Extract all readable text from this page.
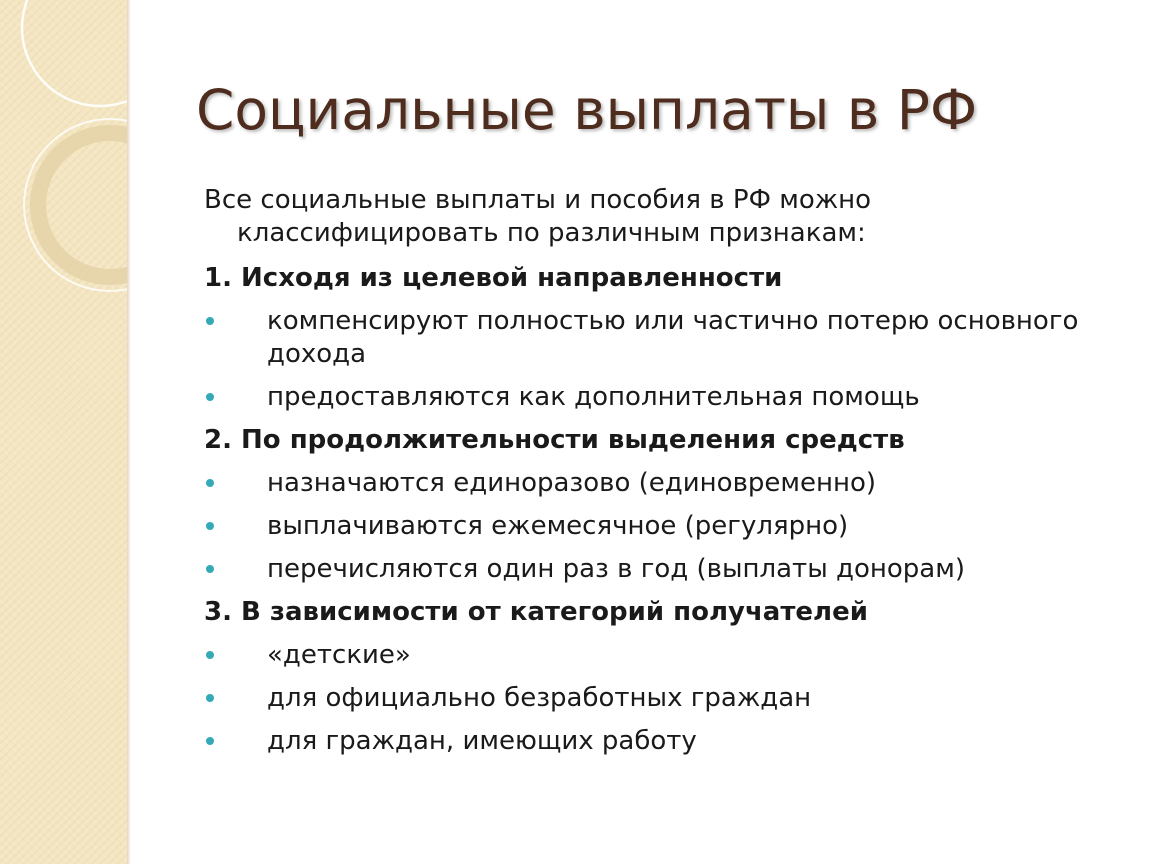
Социальные выплаты в РФ
Все социальные выплаты и пособия в РФ можно классифицировать по различным признакам:
1. Исходя из целевой направленности
компенсируют полностью или частично потерю основного дохода
предоставляются как дополнительная помощь
2. По продолжительности выделения средств
назначаются единоразово (единовременно)
выплачиваются ежемесячное (регулярно)
перечисляются один раз в год (выплаты донорам)
3. В зависимости от категорий получателей
«детские»
для официально безработных граждан
для граждан, имеющих работу
